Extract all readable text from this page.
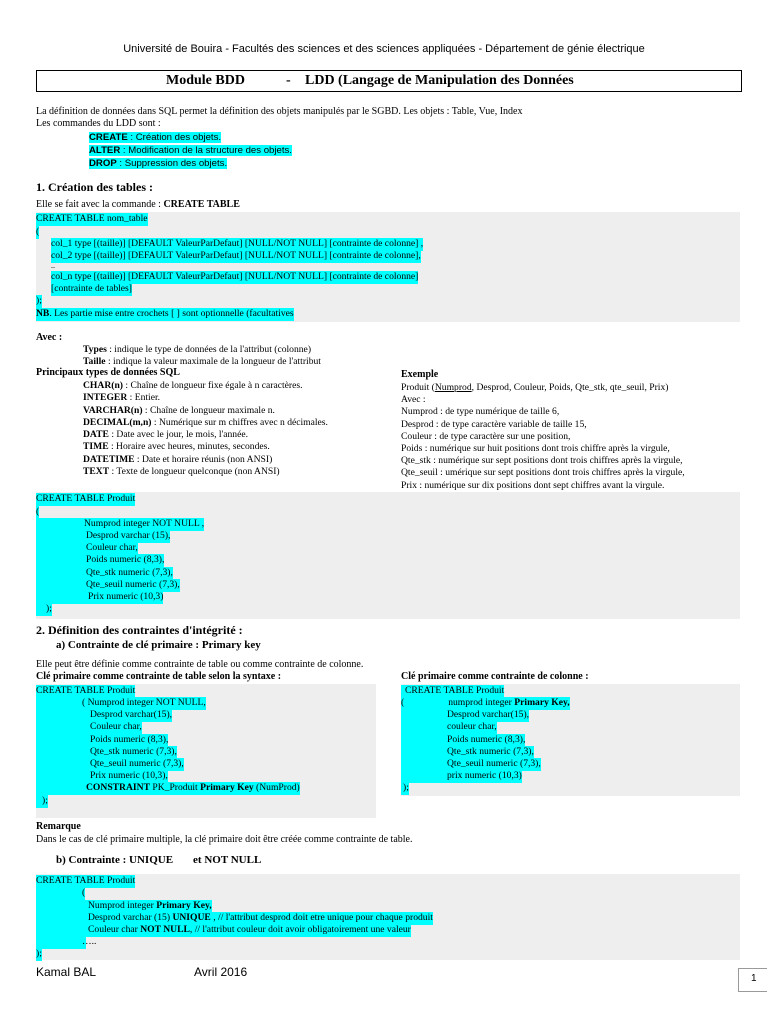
Université de Bouira - Facultés des sciences et des sciences appliquées - Département de génie électrique
Module BDD	- LDD (Langage de Manipulation des Données
La définition de données dans SQL permet la définition des objets manipulés par le SGBD. Les objets : Table, Vue, Index
Les commandes du LDD sont :
CREATE : Création des objets.
ALTER : Modification de la structure des objets.
DROP : Suppression des objets.
1. Création des tables :
Elle se fait avec la commande : CREATE TABLE
CREATE TABLE nom_table
(
col_1 type [(taille)] [DEFAULT ValeurParDefaut] [NULL/NOT NULL] [contrainte de colonne] ,
col_2 type [(taille)] [DEFAULT ValeurParDefaut] [NULL/NOT NULL] [contrainte de colonne],
..
col_n type [(taille)] [DEFAULT ValeurParDefaut] [NULL/NOT NULL] [contrainte de colonne]
[contrainte de tables]
);
NB. Les partie mise entre crochets [ ] sont optionnelle (facultatives
Avec :
Types : indique le type de données de la l'attribut (colonne)
Taille : indique la valeur maximale de la longueur de l'attribut
Principaux types de données SQL
CHAR(n) : Chaîne de longueur fixe égale à n caractères.
INTEGER : Entier.
VARCHAR(n) : Chaîne de longueur maximale n.
DECIMAL(m,n) : Numérique sur m chiffres avec n décimales.
DATE : Date avec le jour, le mois, l'année.
TIME : Horaire avec heures, minutes, secondes.
DATETIME : Date et horaire réunis (non ANSI)
TEXT : Texte de longueur quelconque (non ANSI)
Exemple
Produit (Numprod, Desprod, Couleur, Poids, Qte_stk, qte_seuil, Prix)
Avec :
Numprod : de type numérique de taille 6,
Desprod : de type caractère variable de taille 15,
Couleur : de type caractère sur une position,
Poids : numérique sur huit positions dont trois chiffre après la virgule,
Qte_stk : numérique sur sept positions dont trois chiffres après la virgule,
Qte_seuil : umérique sur sept positions dont trois chiffres après la virgule,
Prix : numérique sur dix positions dont sept chiffres avant la virgule.
CREATE TABLE Produit
(
Numprod integer NOT NULL ,
Desprod varchar (15),
Couleur char,
Poids numeric (8,3),
Qte_stk numeric (7,3),
Qte_seuil numeric (7,3),
Prix numeric (10,3)
);
2. Définition des contraintes d'intégrité :
a) Contrainte de clé primaire : Primary key
Elle peut être définie comme contrainte de table ou comme contrainte de colonne.
Clé primaire comme contrainte de table selon la syntaxe :	Clé primaire comme contrainte de colonne :
CREATE TABLE Produit
( Numprod integer NOT NULL,
Desprod varchar(15),
Couleur char,
Poids numeric (8,3),
Qte_stk numeric (7,3),
Qte_seuil numeric (7,3),
Prix numeric (10,3),
CONSTRAINT PK_Produit Primary Key (NumProd)
);
CREATE TABLE Produit
(	numprod integer Primary Key,
Desprod varchar(15),
couleur char,
Poids numeric (8,3),
Qte_stk numeric (7,3),
Qte_seuil numeric (7,3),
prix numeric (10,3)
);
Remarque
Dans le cas de clé primaire multiple, la clé primaire doit être créée comme contrainte de table.
b) Contrainte : UNIQUE et NOT NULL
CREATE TABLE Produit
(
Numprod integer Primary Key,
Desprod varchar (15) UNIQUE , // l'attribut desprod doit etre unique pour chaque produit
Couleur char NOT NULL, // l'attribut couleur doit avoir obligatoirement une valeur
…..
);
Kamal BAL	Avril 2016	1
